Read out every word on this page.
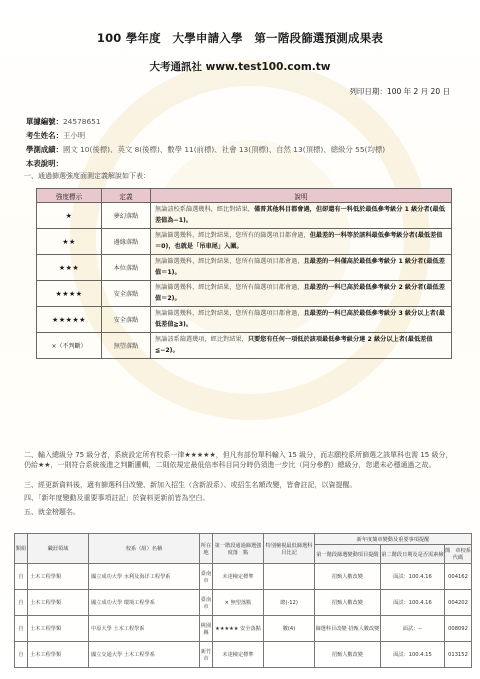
100 學年度　大學申請入學　第一階段篩選預測成果表
大考通訊社 www.test100.com.tw
列印日期：100 年 2 月 20 日
單據編號：24578651
考生姓名：王小明
學測成績：國文 10(後標)、英文 8(後標)、數學 11(前標)、社會 13(頂標)、自然 13(頂標)、總級分 55(均標)
本表說明：
一、通過篩選強度面測定義解說如下表：
強度標示	定義	說明
★	夢幻落點	無論該校系篩選幾科，經比對結果，僅普其他科目都會過，但卻還有一科低於最低參考級分 1 級分者(最低差值為−1)。
★★	邊緣落點	無論篩選幾科，經比對結果，您所有的篩選項目都會過，但最差的一科等於該科最低參考級分者(最低差值＝0)，也就是「吊車尾」入圍。
★★★	本位落點	無論篩選幾科，經比對結果，您所有篩選項目都會過，且最差的一科僅高於最低參考級分 1 級分者(最低差值＝1)。
★★★★	安全落點	無論篩選幾科，經比對結果，您所有篩選項目都會過，且最差的一科已高於最低參考級分 2 級分者(最低差值＝2)。
★★★★★	安全落點	無論篩選幾科，經比對結果，您所有篩選項目都會過，且最差的一科已高於最低參考級分 3 級分以上者(最低差值≧3)。
×（不判斷）	無望落點	無論該系篩選幾項，經比對結果，只要您有任何一項低於該項最低參考級分達 2 級分以上者(最低差值≦−2)。
二、輸入總級分 75 級分者，系統設定所有校系一律★★★★★，但凡有部份單科輸入 15 級分，而志願校系所篩選之該單科也需 15 級分，仍給★★，一則符合系統後進之判斷邏輯，二則依規定最低倍率科目同分時仍須進一步比（同分參酌）總級分，您還未必穩通過之故。
三、經更新資料後，適有篩選科目改變、新加入招生（含新設系）、或招生名額改變，皆會註記，以資提醒。
四、「新年度變動及重要事項註記」於資料更新前皆為空白。
五、就金榜題名。
類組	職涯領域	校系（組）名稱	所在地	第一階段通過篩選強度落　點	特別檢視最低篩選科目比記	新年度簡章變動及重要事項提醒		
						第一階段篩選變動項目提醒	第二階段日期及是否需素檢	簡　章校系代碼
自	土木工程學類	國立成功大學 水利及海洋工程學系	臺南市	未達檢定標準		招甄人數改變	面試：100.4.16	004162
自	土木工程學類	國立成功大學 環境工程學系	臺南市	× 無望落點	總(-12)	招甄人數改變	面試：100.4.16	004202
自	土木工程學類	中原大學 土木工程學系	桃園縣	★★★★★ 安全落點	數(4)	篩選科目改變 招甄人數改變	面試：--	008092
自	土木工程學類	國立交通大學 土木工程學系	新竹市	未達檢定標準		招甄人數改變	面試：100.4.15	013152
